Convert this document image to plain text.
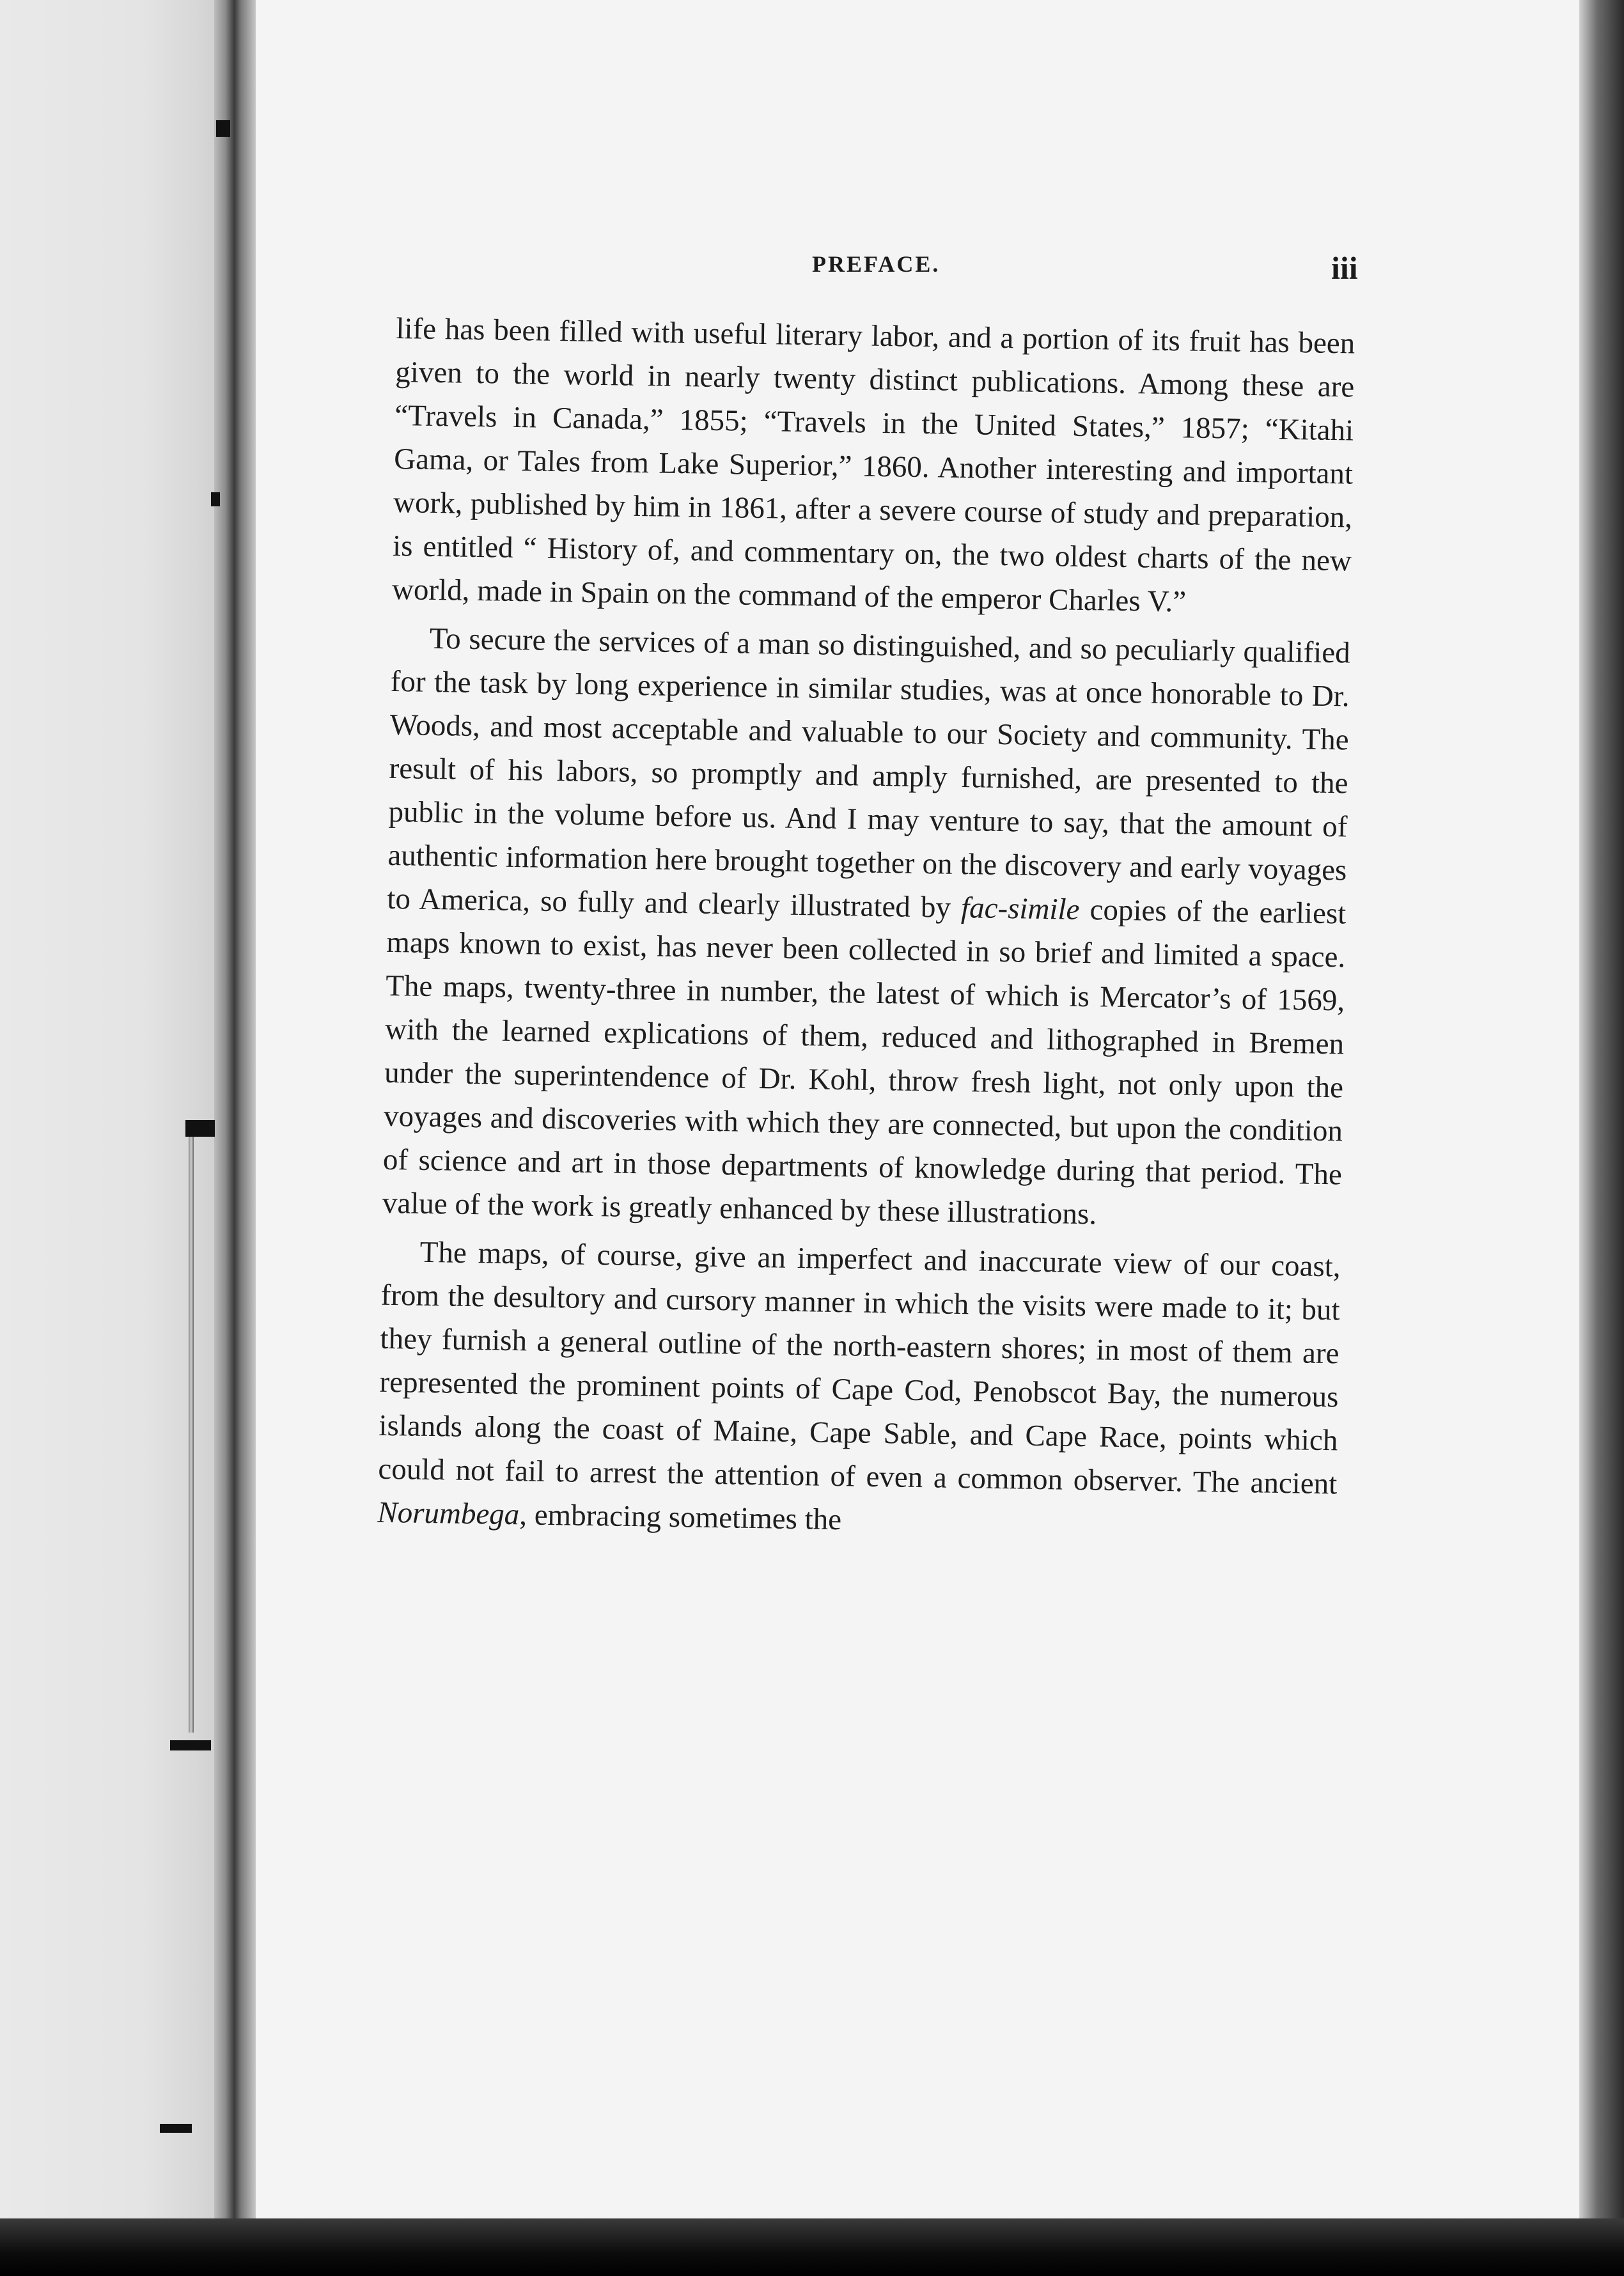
PREFACE.	iii

life has been filled with useful literary labor, and a portion of its fruit has been given to the world in nearly twenty distinct publications. Among these are “Travels in Canada,” 1855; “Travels in the United States,” 1857; “Kitahi Gama, or Tales from Lake Superior,” 1860. Another interesting and important work, published by him in 1861, after a severe course of study and preparation, is entitled “ History of, and commentary on, the two oldest charts of the new world, made in Spain on the command of the emperor Charles V.”

To secure the services of a man so distinguished, and so peculiarly qualified for the task by long experience in similar studies, was at once honorable to Dr. Woods, and most acceptable and valuable to our Society and community. The result of his labors, so promptly and amply furnished, are presented to the public in the volume before us. And I may venture to say, that the amount of authentic information here brought together on the discovery and early voyages to America, so fully and clearly illustrated by fac-simile copies of the earliest maps known to exist, has never been collected in so brief and limited a space. The maps, twenty-three in number, the latest of which is Mercator’s of 1569, with the learned explications of them, reduced and lithographed in Bremen under the superintendence of Dr. Kohl, throw fresh light, not only upon the voyages and discoveries with which they are connected, but upon the condition of science and art in those departments of knowledge during that period. The value of the work is greatly enhanced by these illustrations.

The maps, of course, give an imperfect and inaccurate view of our coast, from the desultory and cursory manner in which the visits were made to it; but they furnish a general outline of the north-eastern shores; in most of them are represented the prominent points of Cape Cod, Penobscot Bay, the numerous islands along the coast of Maine, Cape Sable, and Cape Race, points which could not fail to arrest the attention of even a common observer. The ancient Norumbega, embracing sometimes the
